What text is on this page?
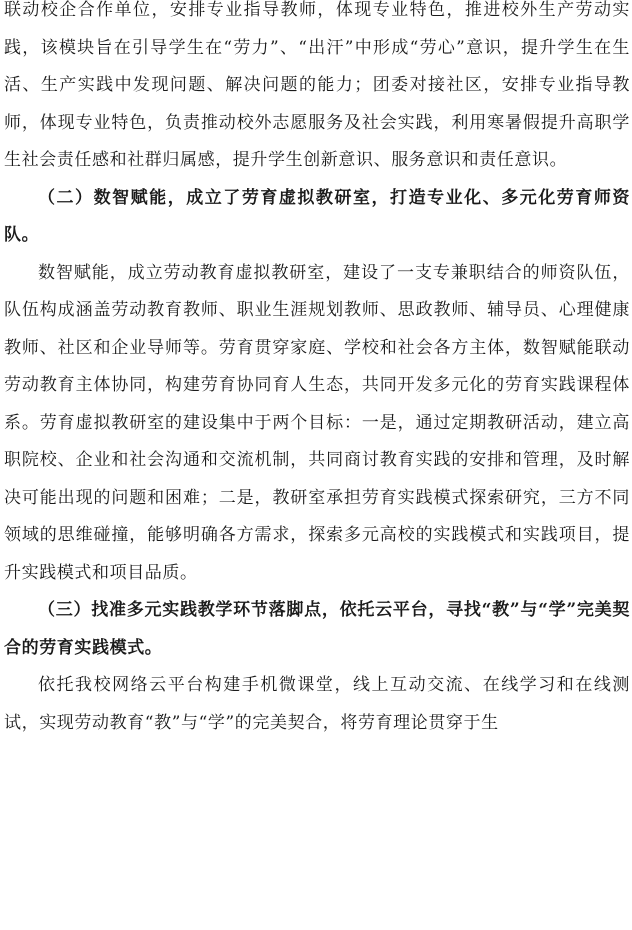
联动校企合作单位，安排专业指导教师，体现专业特色，推进校外生产劳动实践，该模块旨在引导学生在“劳力”、“出汗”中形成“劳心”意识，提升学生在生活、生产实践中发现问题、解决问题的能力；团委对接社区，安排专业指导教师，体现专业特色，负责推动校外志愿服务及社会实践，利用寒暑假提升高职学生社会责任感和社群归属感，提升学生创新意识、服务意识和责任意识。

（二）数智赋能，成立了劳育虚拟教研室，打造专业化、多元化劳育师资队。

数智赋能，成立劳动教育虚拟教研室，建设了一支专兼职结合的师资队伍，队伍构成涵盖劳动教育教师、职业生涯规划教师、思政教师、辅导员、心理健康教师、社区和企业导师等。劳育贯穿家庭、学校和社会各方主体，数智赋能联动劳动教育主体协同，构建劳育协同育人生态，共同开发多元化的劳育实践课程体系。劳育虚拟教研室的建设集中于两个目标：一是，通过定期教研活动，建立高职院校、企业和社会沟通和交流机制，共同商讨教育实践的安排和管理，及时解决可能出现的问题和困难；二是，教研室承担劳育实践模式探索研究，三方不同领域的思维碰撞，能够明确各方需求，探索多元高校的实践模式和实践项目，提升实践模式和项目品质。

（三）找准多元实践教学环节落脚点，依托云平台，寻找“教”与“学”完美契合的劳育实践模式。

依托我校网络云平台构建手机微课堂，线上互动交流、在线学习和在线测试，实现劳动教育“教”与“学”的完美契合，将劳育理论贯穿于生
